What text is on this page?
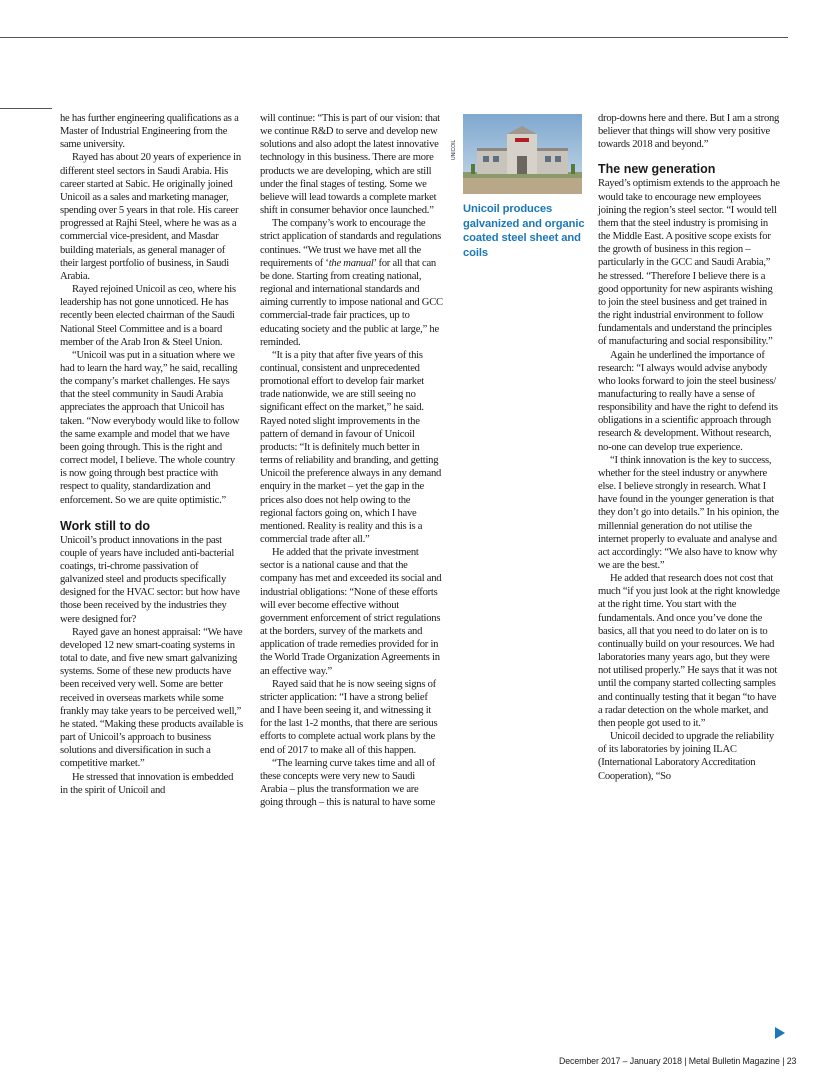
he has further engineering qualifications as a Master of Industrial Engineering from the same university.

Rayed has about 20 years of experience in different steel sectors in Saudi Arabia. His career started at Sabic. He originally joined Unicoil as a sales and marketing manager, spending over 5 years in that role. His career progressed at Rajhi Steel, where he was as a commercial vice-president, and Masdar building materials, as general manager of their largest portfolio of business, in Saudi Arabia.

Rayed rejoined Unicoil as ceo, where his leadership has not gone unnoticed. He has recently been elected chairman of the Saudi National Steel Committee and is a board member of the Arab Iron & Steel Union.

“Unicoil was put in a situation where we had to learn the hard way,” he said, recalling the company’s market challenges. He says that the steel community in Saudi Arabia appreciates the approach that Unicoil has taken. “Now everybody would like to follow the same example and model that we have been going through. This is the right and correct model, I believe. The whole country is now going through best practice with respect to quality, standardization and enforcement. So we are quite optimistic.”

Work still to do

Unicoil’s product innovations in the past couple of years have included anti-bacterial coatings, tri-chrome passivation of galvanized steel and products specifically designed for the HVAC sector: but how have those been received by the industries they were designed for?

Rayed gave an honest appraisal: “We have developed 12 new smart-coating systems in total to date, and five new smart galvanizing systems. Some of these new products have been received very well. Some are better received in overseas markets while some frankly may take years to be perceived well,” he stated. “Making these products available is part of Unicoil’s approach to business solutions and diversification in such a competitive market.”

He stressed that innovation is embedded in the spirit of Unicoil and

will continue: “This is part of our vision: that we continue R&D to serve and develop new solutions and also adopt the latest innovative technology in this business. There are more products we are developing, which are still under the final stages of testing. Some we believe will lead towards a complete market shift in consumer behavior once launched.”

The company’s work to encourage the strict application of standards and regulations continues. “We trust we have met all the requirements of ‘the manual’ for all that can be done. Starting from creating national, regional and international standards and aiming currently to impose national and GCC commercial-trade fair practices, up to educating society and the public at large,” he reminded.

“It is a pity that after five years of this continual, consistent and unprecedented promotional effort to develop fair market trade nationwide, we are still seeing no significant effect on the market,” he said. Rayed noted slight improvements in the pattern of demand in favour of Unicoil products: “It is definitely much better in terms of reliability and branding, and getting Unicoil the preference always in any demand enquiry in the market – yet the gap in the prices also does not help owing to the regional factors going on, which I have mentioned. Reality is reality and this is a commercial trade after all.”

He added that the private investment sector is a national cause and that the company has met and exceeded its social and industrial obligations: “None of these efforts will ever become effective without government enforcement of strict regulations at the borders, survey of the markets and application of trade remedies provided for in the World Trade Organization Agreements in an effective way.”

Rayed said that he is now seeing signs of stricter application: “I have a strong belief and I have been seeing it, and witnessing it for the last 1-2 months, that there are serious efforts to complete actual work plans by the end of 2017 to make all of this happen.

“The learning curve takes time and all of these concepts were very new to Saudi Arabia – plus the transformation we are going through – this is natural to have some

UNICOIL
Unicoil produces galvanized and organic coated steel sheet and coils

drop-downs here and there. But I am a strong believer that things will show very positive towards 2018 and beyond.”

The new generation

Rayed’s optimism extends to the approach he would take to encourage new employees joining the region’s steel sector. “I would tell them that the steel industry is promising in the Middle East. A positive scope exists for the growth of business in this region – particularly in the GCC and Saudi Arabia,” he stressed. “Therefore I believe there is a good opportunity for new aspirants wishing to join the steel business and get trained in the right industrial environment to follow fundamentals and understand the principles of manufacturing and social responsibility.”

Again he underlined the importance of research: “I always would advise anybody who looks forward to join the steel business/ manufacturing to really have a sense of responsibility and have the right to defend its obligations in a scientific approach through research & development. Without research, no-one can develop true experience.

“I think innovation is the key to success, whether for the steel industry or anywhere else. I believe strongly in research. What I have found in the younger generation is that they don’t go into details.” In his opinion, the millennial generation do not utilise the internet properly to evaluate and analyse and act accordingly: “We also have to know why we are the best.”

He added that research does not cost that much “if you just look at the right knowledge at the right time. You start with the fundamentals. And once you’ve done the basics, all that you need to do later on is to continually build on your resources. We had laboratories many years ago, but they were not utilised properly.” He says that it was not until the company started collecting samples and continually testing that it began “to have a radar detection on the whole market, and then people got used to it.”

Unicoil decided to upgrade the reliability of its laboratories by joining ILAC (International Laboratory Accreditation Cooperation), “So

December 2017 – January 2018 | Metal Bulletin Magazine | 23
